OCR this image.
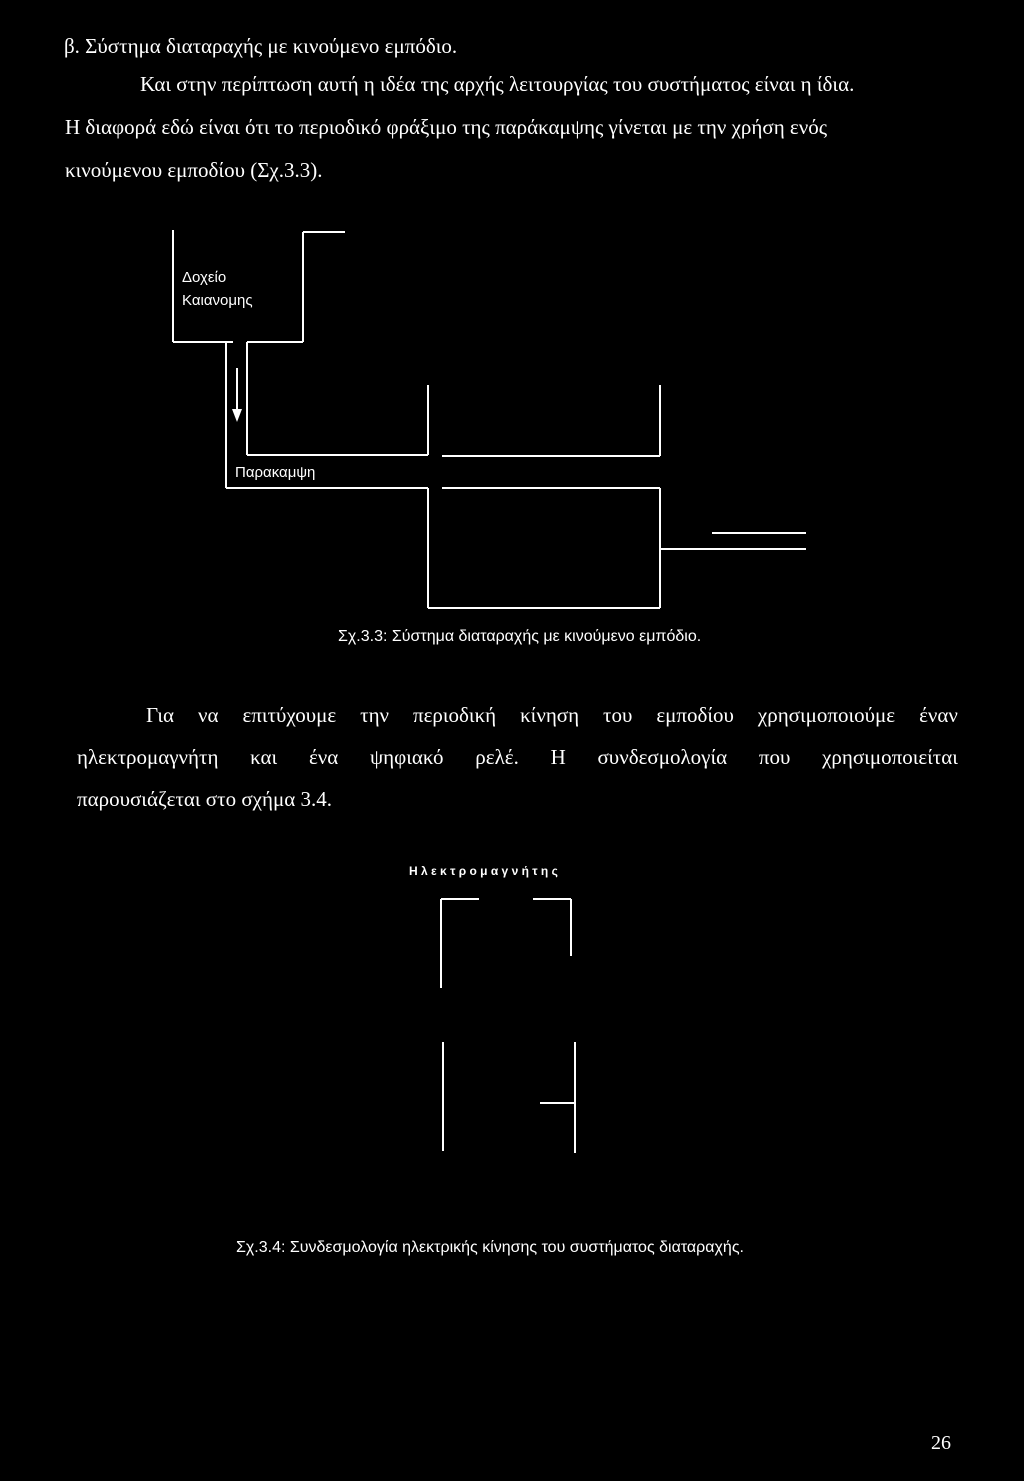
β. Σύστημα διαταραχής με κινούμενο εμπόδιο.
Και στην περίπτωση αυτή η ιδέα της αρχής λειτουργίας του συστήματος είναι η ίδια.
Η διαφορά εδώ είναι ότι το περιοδικό φράξιμο της παράκαμψης γίνεται με την χρήση ενός
κινούμενου εμποδίου (Σχ.3.3).
Δοχείο
Καιανομης
Παρακαμψη
Σχ.3.3: Σύστημα διαταραχής με κινούμενο εμπόδιο.
Για να επιτύχουμε την περιοδική κίνηση του εμποδίου χρησιμοποιούμε έναν
ηλεκτρομαγνήτη και ένα ψηφιακό ρελέ. Η συνδεσμολογία που χρησιμοποιείται
παρουσιάζεται στο σχήμα 3.4.
Η λ ε κ τ ρ ο μ α γ ν ή τ η ς
Σχ.3.4: Συνδεσμολογία ηλεκτρικής κίνησης του συστήματος διαταραχής.
26
